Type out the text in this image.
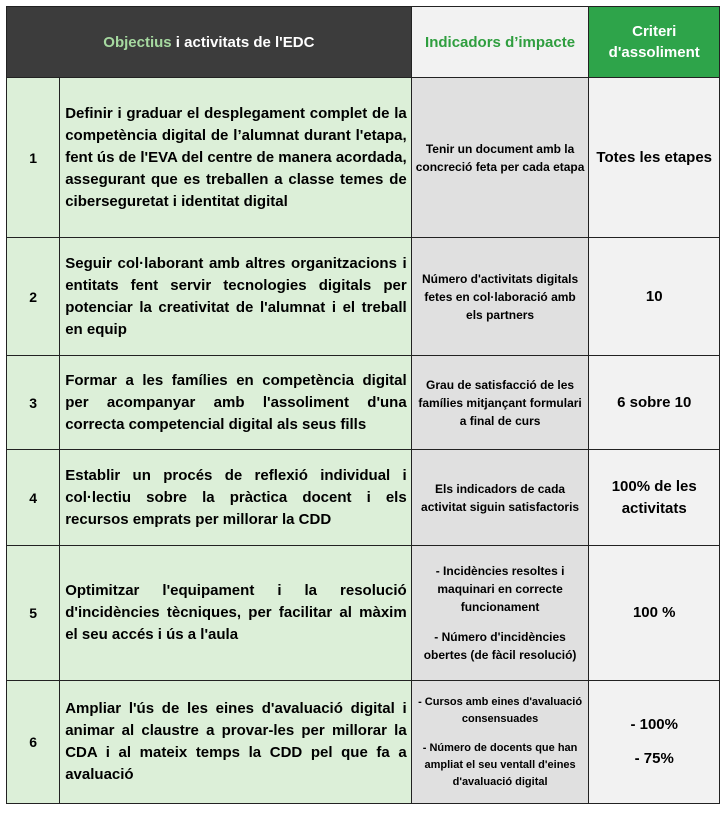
Objectius i activitats de l'EDC		Indicadors d’impacte	Criteri d'assoliment
1	Definir i graduar el desplegament complet de la competència digital de l’alumnat durant l'etapa, fent ús de l'EVA del centre de manera acordada, assegurant que es treballen a classe temes de ciberseguretat i identitat digital	Tenir un document amb la concreció feta per cada etapa	Totes les etapes
2	Seguir col·laborant amb altres organitzacions i entitats fent servir tecnologies digitals per potenciar la creativitat de l'alumnat i el treball en equip	Número d'activitats digitals fetes en col·laboració amb els partners	10
3	Formar a les famílies en competència digital per acompanyar amb l'assoliment d'una correcta competencial digital als seus fills	Grau de satisfacció de les famílies mitjançant formulari a final de curs	6 sobre 10
4	Establir un procés de reflexió individual i col·lectiu sobre la pràctica docent i els recursos emprats per millorar la CDD	Els indicadors de cada activitat siguin satisfactoris	100% de les activitats
5	Optimitzar l'equipament i la resolució d'incidències tècniques, per facilitar al màxim el seu accés i ús a l'aula	- Incidències resoltes i maquinari en correcte funcionament
- Número d'incidències obertes (de fàcil resolució)	100 %
6	Ampliar l'ús de les eines d'avaluació digital i animar al claustre a provar-les per millorar la CDA i al mateix temps la CDD pel que fa a avaluació	- Cursos amb eines d'avaluació consensuades
- Número de docents que han ampliat el seu ventall d'eines d'avaluació digital	- 100%
- 75%
